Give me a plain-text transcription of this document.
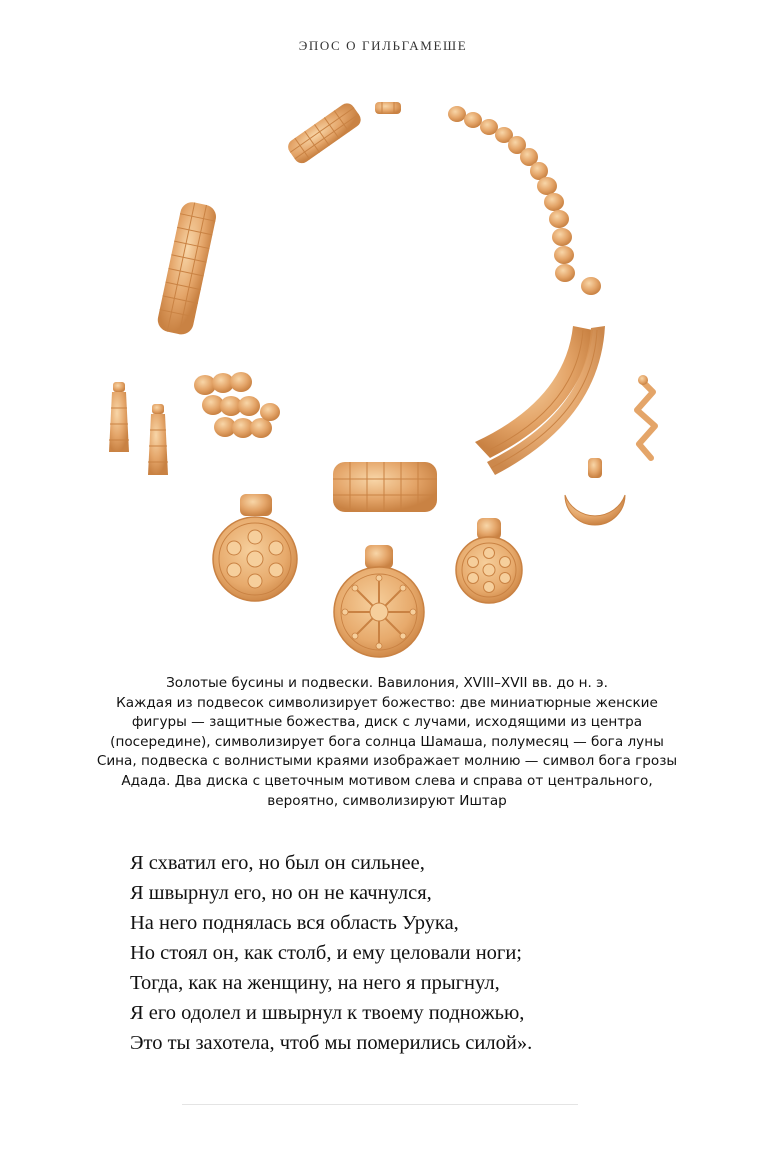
ЭПОС О ГИЛЬГАМЕШЕ

Золотые бусины и подвески. Вавилония, XVIII–XVII вв. до н. э.

Каждая из подвесок символизирует божество: две миниатюрные женские фигуры — защитные божества, диск с лучами, исходящими из центра (посередине), символизирует бога солнца Шамаша, полумесяц — бога луны Сина, подвеска с волнистыми краями изображает молнию — символ бога грозы Адада. Два диска с цветочным мотивом слева и справа от центрального, вероятно, символизируют Иштар

Я схватил его, но был он сильнее,
Я швырнул его, но он не качнулся,
На него поднялась вся область Урука,
Но стоял он, как столб, и ему целовали ноги;
Тогда, как на женщину, на него я прыгнул,
Я его одолел и швырнул к твоему подножью,
Это ты захотела, чтоб мы померились силой».
